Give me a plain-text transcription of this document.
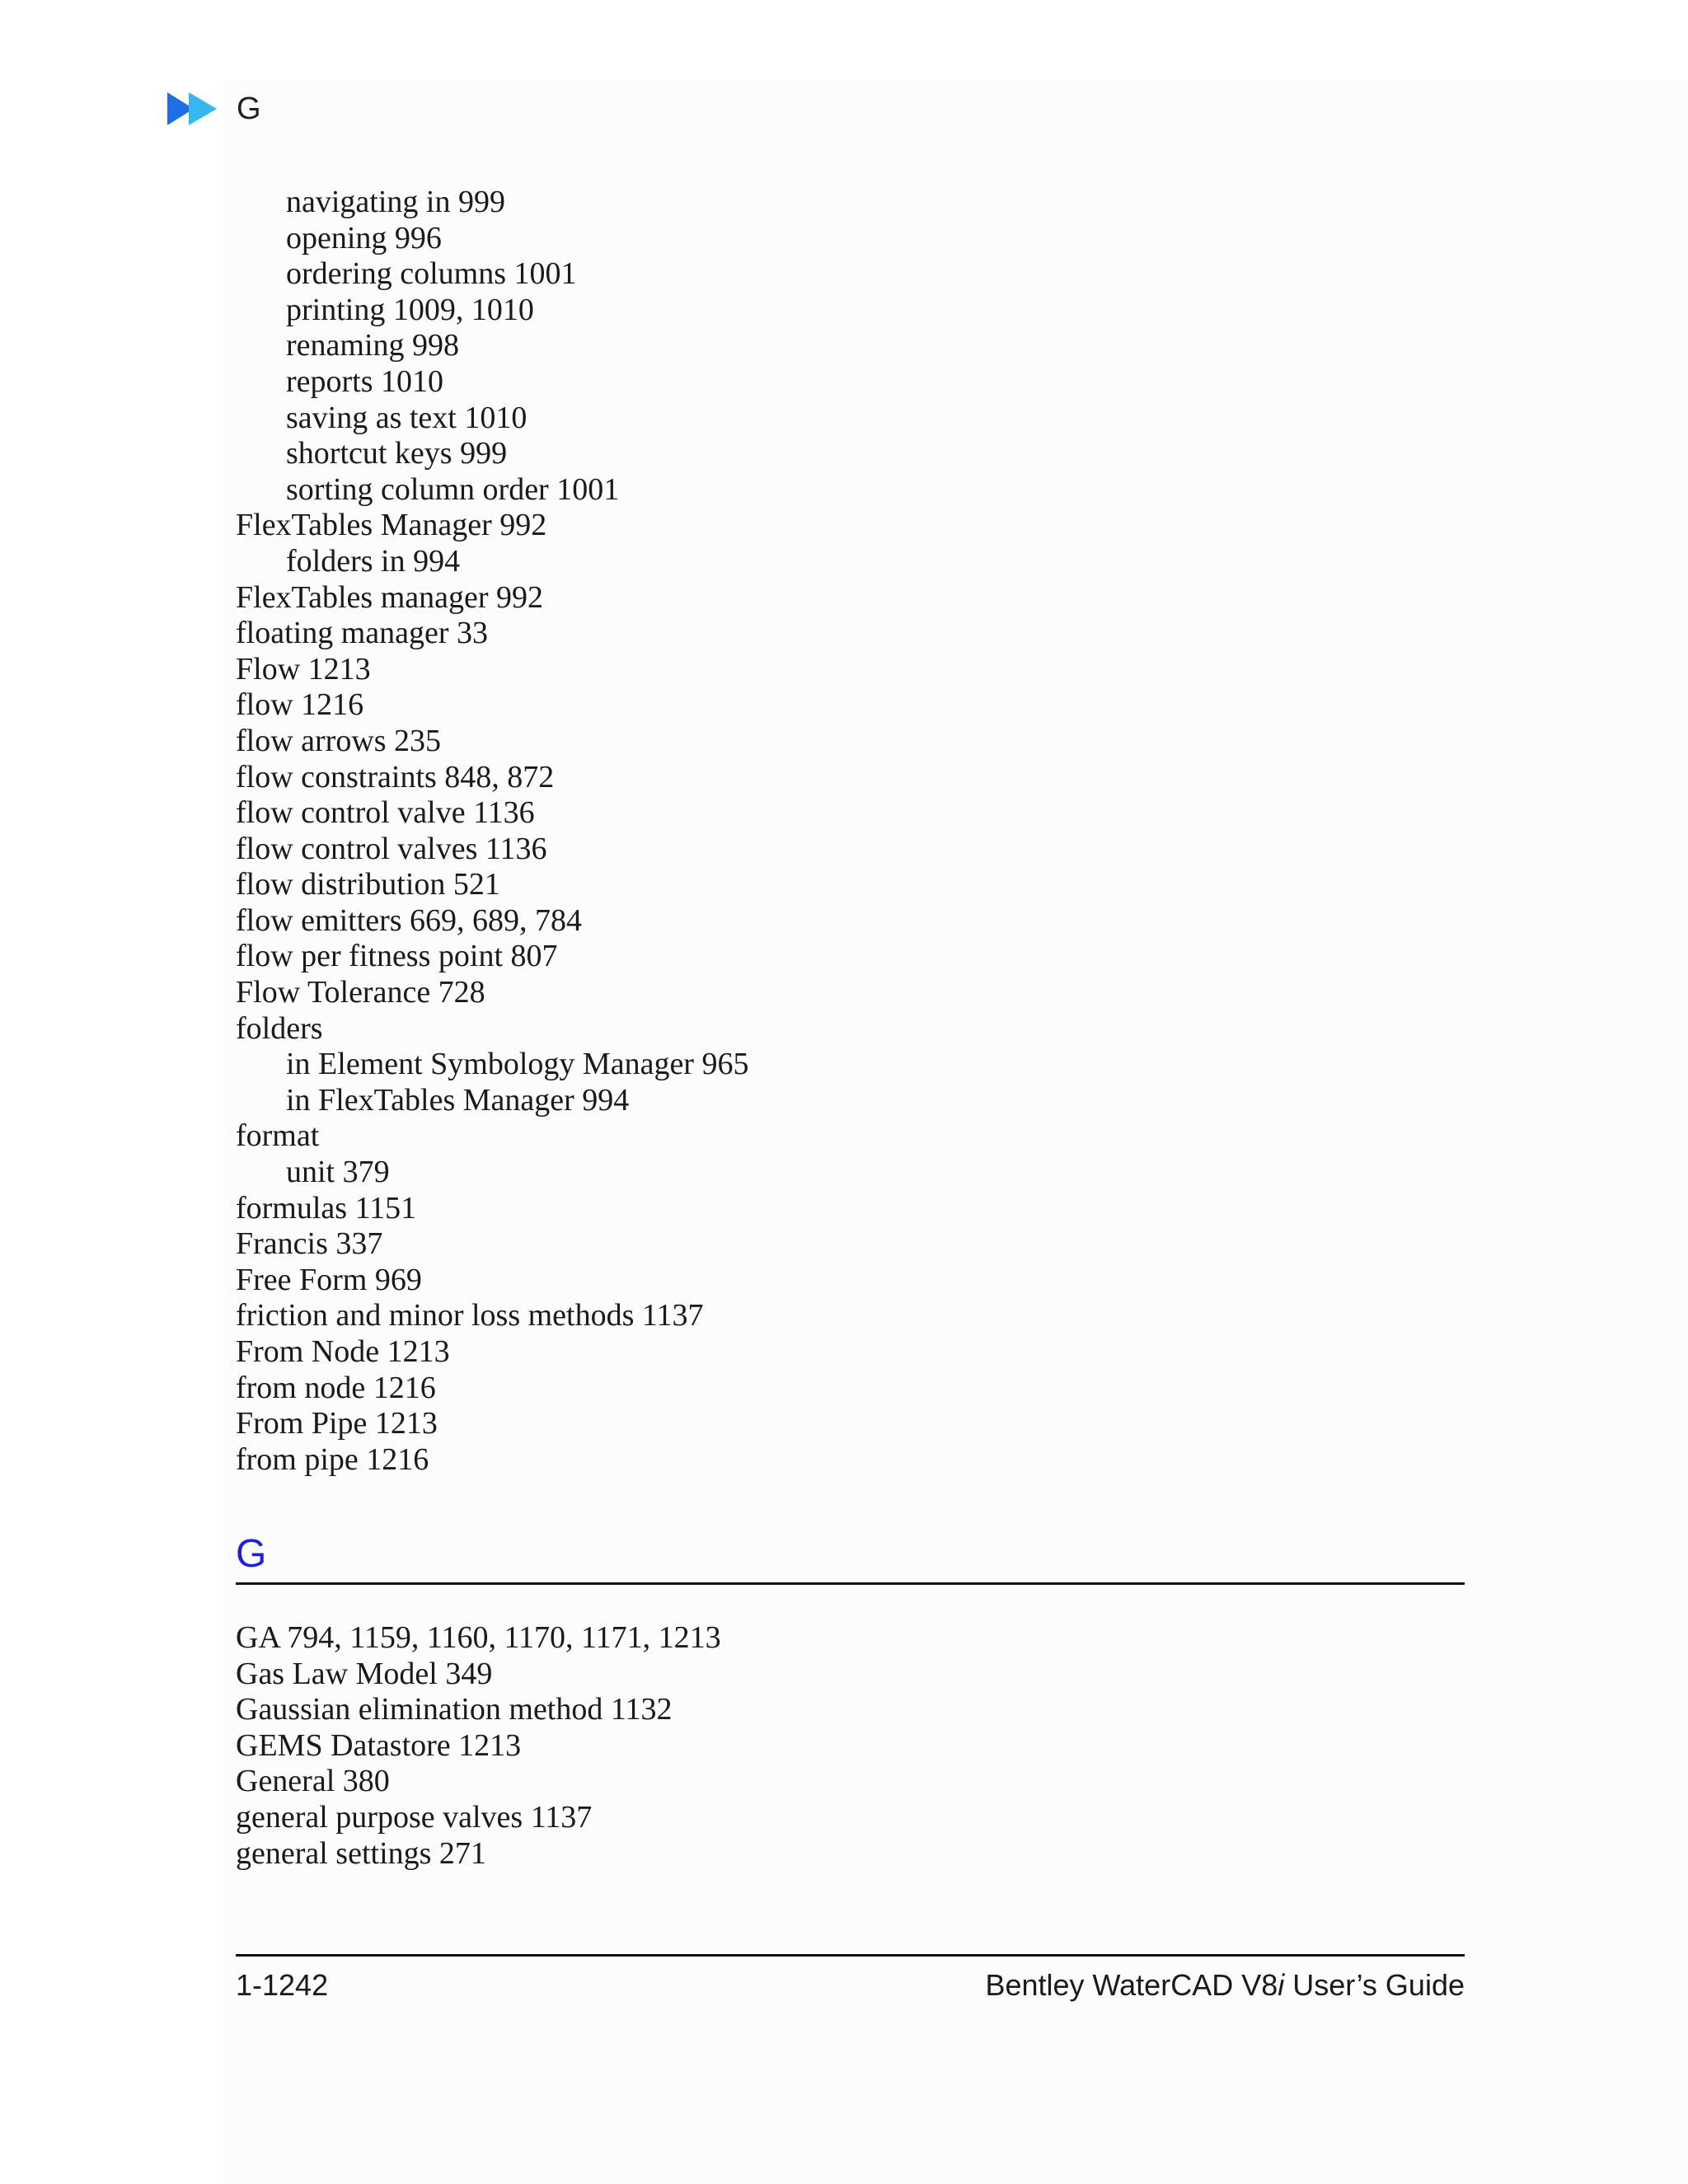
G
navigating in 999
opening 996
ordering columns 1001
printing 1009, 1010
renaming 998
reports 1010
saving as text 1010
shortcut keys 999
sorting column order 1001
FlexTables Manager 992
folders in 994
FlexTables manager 992
floating manager 33
Flow 1213
flow 1216
flow arrows 235
flow constraints 848, 872
flow control valve 1136
flow control valves 1136
flow distribution 521
flow emitters 669, 689, 784
flow per fitness point 807
Flow Tolerance 728
folders
in Element Symbology Manager 965
in FlexTables Manager 994
format
unit 379
formulas 1151
Francis 337
Free Form 969
friction and minor loss methods 1137
From Node 1213
from node 1216
From Pipe 1213
from pipe 1216
G
GA 794, 1159, 1160, 1170, 1171, 1213
Gas Law Model 349
Gaussian elimination method 1132
GEMS Datastore 1213
General 380
general purpose valves 1137
general settings 271
1-1242	Bentley WaterCAD V8i User’s Guide
